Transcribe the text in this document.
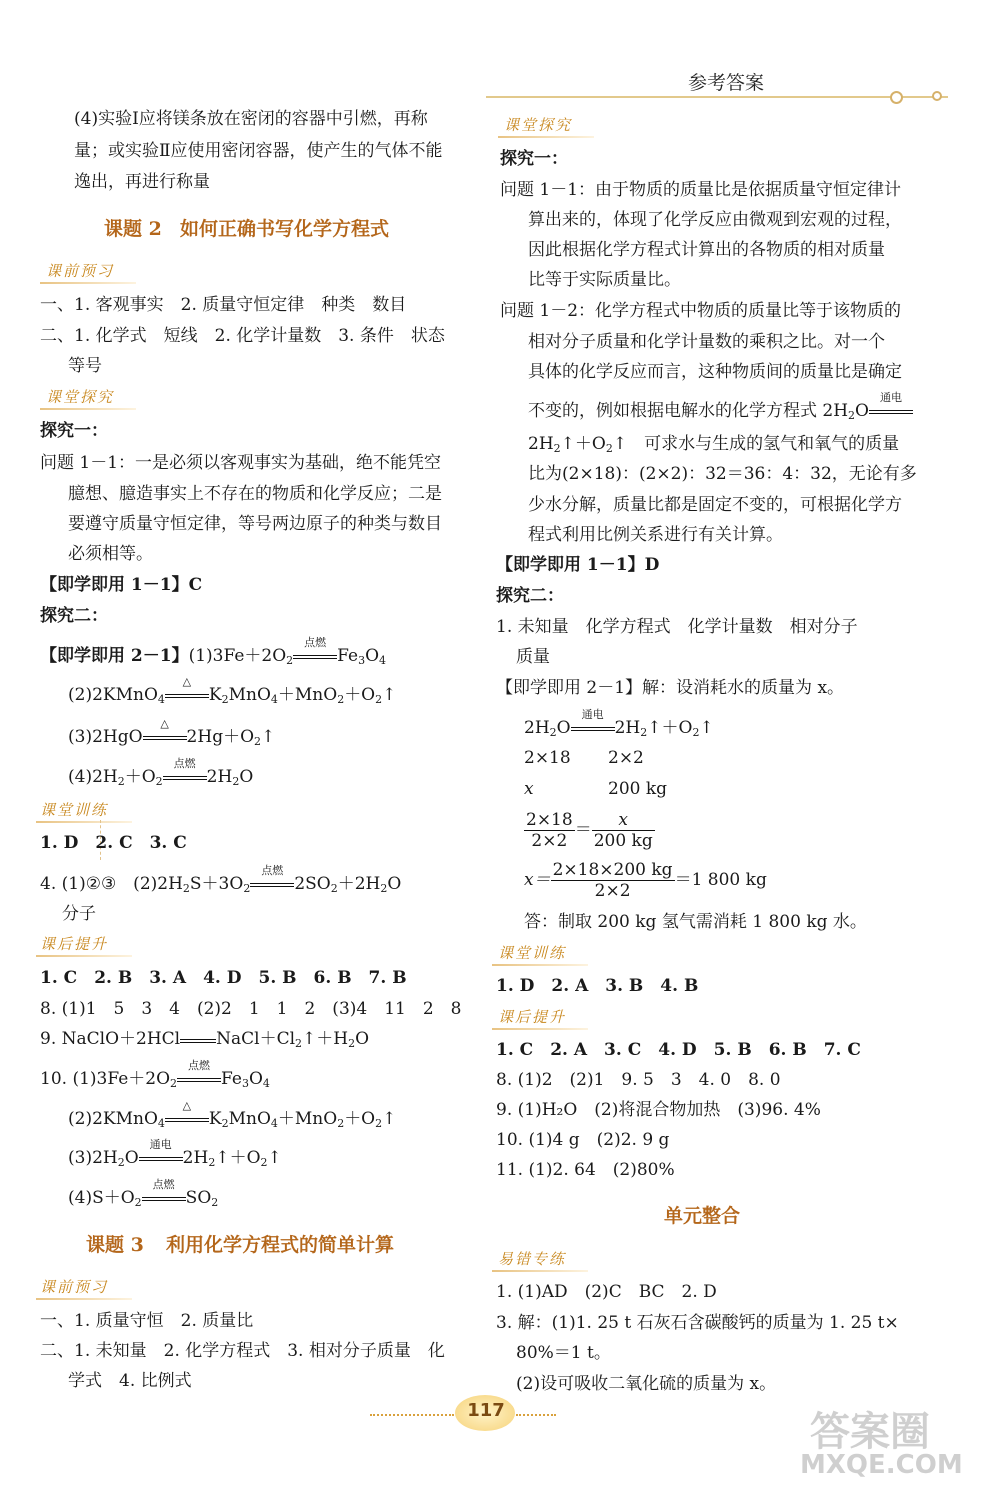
参考答案
(4)实验Ⅰ应将镁条放在密闭的容器中引燃，再称
量；或实验Ⅱ应使用密闭容器，使产生的气体不能
逸出，再进行称量
课题 2 如何正确书写化学方程式
课前预习
一、1. 客观事实　2. 质量守恒定律　种类　数目
二、1. 化学式　短线　2. 化学计量数　3. 条件　状态
等号
课堂探究
探究一：
问题 1－1：一是必须以客观事实为基础，绝不能凭空
臆想、臆造事实上不存在的物质和化学反应；二是
要遵守质量守恒定律，等号两边原子的种类与数目
必须相等。
【即学即用 1－1】C
探究二：
【即学即用 2－1】$(1)3Fe+2O_2$
点燃
$Fe_3O_4$
(2)2KMnO$_4$
△
$K_2MnO_4+MnO_2+O_2↑$
(3)2HgO
△
$2Hg+O_2↑$
$(4)2H_2+O_2$
点燃
$2H_2O$
课堂训练
1. D　2. C　3. C
4. (1)②③　$(2)2H_2S+3O_2$
点燃
$2SO_2+2H_2O$
分子
课后提升
1. C　2. B　3. A　4. D　5. B　6. B　7. B
8. (1)1　5　3　4　(2)2　1　1　2　(3)4　11　2　8
9. NaClO＋2HCl $NaCl+Cl_2↑+H_2O$
10. $(1)3Fe+2O_2$
点燃
$Fe_3O_4$
(2)2KMnO$_4$
△
$K_2MnO_4+MnO_2+O_2↑$
$(3)2H_2O$
通电
$2H_2↑+O_2↑$
$(4)S+O_2$
点燃
$SO_2$
课题 3 利用化学方程式的简单计算
课前预习
一、1. 质量守恒　2. 质量比
二、1. 未知量　2. 化学方程式　3. 相对分子质量　化
学式　4. 比例式
课堂探究
探究一：
问题 1－1：由于物质的质量比是依据质量守恒定律计
算出来的，体现了化学反应由微观到宏观的过程，
因此根据化学方程式计算出的各物质的相对质量
比等于实际质量比。
问题 1－2：化学方程式中物质的质量比等于该物质的
相对分子质量和化学计量数的乘积之比。对一个
具体的化学反应而言，这种物质间的质量比是确定
不变的，例如根据电解水的化学方程式 $2H_2O$
通电
$2H_2↑+O_2↑$　可求水与生成的氢气和氧气的质量
比为(2×18)：(2×2)：32＝36：4：32，无论有多
少水分解，质量比都是固定不变的，可根据化学方
程式利用比例关系进行有关计算。
【即学即用 1－1】D
探究二：
1. 未知量　化学方程式　化学计量数　相对分子
质量
【即学即用 2－1】解：设消耗水的质量为 x。
$2H_2O$
通电
$2H_2↑+O_2↑$
2×18 2×2
x	200 kg
$\frac{2\times 18}{2\times 2} = \frac{x}{200 kg}$
$x= \frac{2\times 18\times 200 kg}{2\times 2} =1$ 800 kg
答：制取 200 kg 氢气需消耗 1 800 kg 水。
课堂训练
1. D　2. A　3. B　4. B
课后提升
1. C　2. A　3. C　4. D　5. B　6. B　7. C
8. (1)2　(2)1　9. 5　3　4. 0　8. 0
9. (1)H₂O　(2)将混合物加热　(3)96. 4%
10. (1)4 g　(2)2. 9 g
11. (1)2. 64　(2)80%
单元整合
易错专练
1. (1)AD　(2)C　BC　2. D
3. 解：(1)1. 25 t 石灰石含碳酸钙的质量为 1. 25 t×
80%＝1 t。
(2)设可吸收二氧化硫的质量为 x。
117	答案圈
MXQE.COM
